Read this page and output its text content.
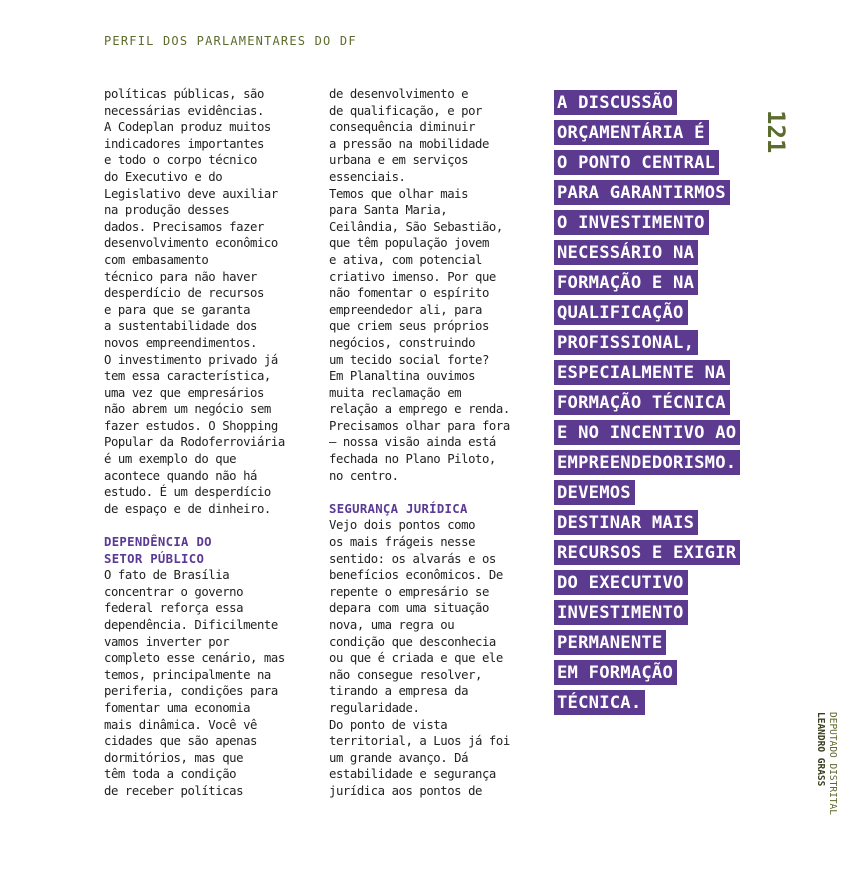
PERFIL DOS PARLAMENTARES DO DF
políticas públicas, são
necessárias evidências.
A Codeplan produz muitos
indicadores importantes
e todo o corpo técnico
do Executivo e do
Legislativo deve auxiliar
na produção desses
dados. Precisamos fazer
desenvolvimento econômico
com embasamento
técnico para não haver
desperdício de recursos
e para que se garanta
a sustentabilidade dos
novos empreendimentos.
O investimento privado já
tem essa característica,
uma vez que empresários
não abrem um negócio sem
fazer estudos. O Shopping
Popular da Rodoferroviária
é um exemplo do que
acontece quando não há
estudo. É um desperdício
de espaço e de dinheiro.
DEPENDÊNCIA DO
SETOR PÚBLICO
O fato de Brasília
concentrar o governo
federal reforça essa
dependência. Dificilmente
vamos inverter por
completo esse cenário, mas
temos, principalmente na
periferia, condições para
fomentar uma economia
mais dinâmica. Você vê
cidades que são apenas
dormitórios, mas que
têm toda a condição
de receber políticas
de desenvolvimento e
de qualificação, e por
consequência diminuir
a pressão na mobilidade
urbana e em serviços
essenciais.
Temos que olhar mais
para Santa Maria,
Ceilândia, São Sebastião,
que têm população jovem
e ativa, com potencial
criativo imenso. Por que
não fomentar o espírito
empreendedor ali, para
que criem seus próprios
negócios, construindo
um tecido social forte?
Em Planaltina ouvimos
muita reclamação em
relação a emprego e renda.
Precisamos olhar para fora
— nossa visão ainda está
fechada no Plano Piloto,
no centro.
SEGURANÇA JURÍDICA
Vejo dois pontos como
os mais frágeis nesse
sentido: os alvarás e os
benefícios econômicos. De
repente o empresário se
depara com uma situação
nova, uma regra ou
condição que desconhecia
ou que é criada e que ele
não consegue resolver,
tirando a empresa da
regularidade.
Do ponto de vista
territorial, a Luos já foi
um grande avanço. Dá
estabilidade e segurança
jurídica aos pontos de
A DISCUSSÃO
ORÇAMENTÁRIA É
O PONTO CENTRAL
PARA GARANTIRMOS
O INVESTIMENTO
NECESSÁRIO NA
FORMAÇÃO E NA
QUALIFICAÇÃO
PROFISSIONAL,
ESPECIALMENTE NA
FORMAÇÃO TÉCNICA
E NO INCENTIVO AO
EMPREENDEDORISMO.
DEVEMOS
DESTINAR MAIS
RECURSOS E EXIGIR
DO EXECUTIVO
INVESTIMENTO
PERMANENTE
EM FORMAÇÃO
TÉCNICA.
121
DEPUTADO DISTRITAL
LEANDRO GRASS
